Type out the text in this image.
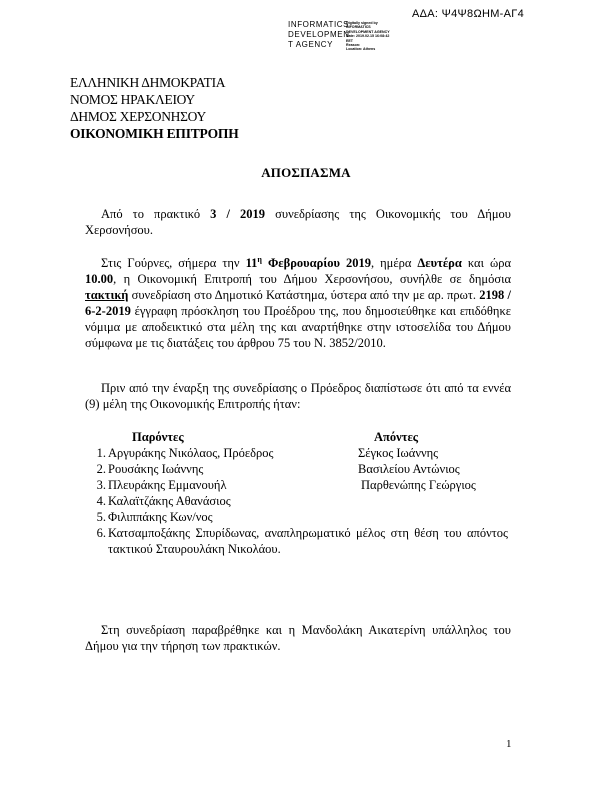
ΑΔΑ: Ψ4Ψ8ΩΗΜ-ΑΓ4
INFORMATICS
DEVELOPMEN
T AGENCY
Digitally signed by
INFORMATICS
DEVELOPMENT AGENCY
Date: 2019.02.15 16:08:42
EET
Reason:
Location: Athens
ΕΛΛΗΝΙΚΗ ΔΗΜΟΚΡΑΤΙΑ
ΝΟΜΟΣ ΗΡΑΚΛΕΙΟΥ
ΔΗΜΟΣ ΧΕΡΣΟΝΗΣΟΥ
ΟΙΚΟΝΟΜΙΚΗ ΕΠΙΤΡΟΠΗ
ΑΠΟΣΠΑΣΜΑ

Από το πρακτικό 3 / 2019 συνεδρίασης της Οικονομικής του Δήμου Χερσονήσου.

Στις Γούρνες, σήμερα την $11^\eta$ Φεβρουαρίου 2019, ημέρα Δευτέρα και ώρα 10.00, η Οικονομική Επιτροπή του Δήμου Χερσονήσου, συνήλθε σε δημόσια τακτική συνεδρίαση στο Δημοτικό Κατάστημα, ύστερα από την με αρ. πρωτ. 2198 / 6-2-2019 έγγραφη πρόσκληση του Προέδρου της, που δημοσιεύθηκε και επιδόθηκε νόμιμα με αποδεικτικό στα μέλη της και αναρτήθηκε στην ιστοσελίδα του Δήμου σύμφωνα με τις διατάξεις του άρθρου 75 του Ν. 3852/2010.

Πριν από την έναρξη της συνεδρίασης ο Πρόεδρος διαπίστωσε ότι από τα εννέα (9) μέλη της Οικονομικής Επιτροπής ήταν:

Παρόντες	Απόντες
1. Αργυράκης Νικόλαος, Πρόεδρος	Σέγκος Ιωάννης
2. Ρουσάκης Ιωάννης	Βασιλείου Αντώνιος
3. Πλευράκης Εμμανουήλ	Παρθενώπης Γεώργιος
4. Καλαϊτζάκης Αθανάσιος
5. Φιλιππάκης Κων/νος
6. Κατσαμποξάκης Σπυρίδωνας, αναπληρωματικό μέλος στη θέση του απόντος τακτικού Σταυρουλάκη Νικολάου.

Στη συνεδρίαση παραβρέθηκε και η Μανδολάκη Αικατερίνη υπάλληλος του Δήμου για την τήρηση των πρακτικών.

1
